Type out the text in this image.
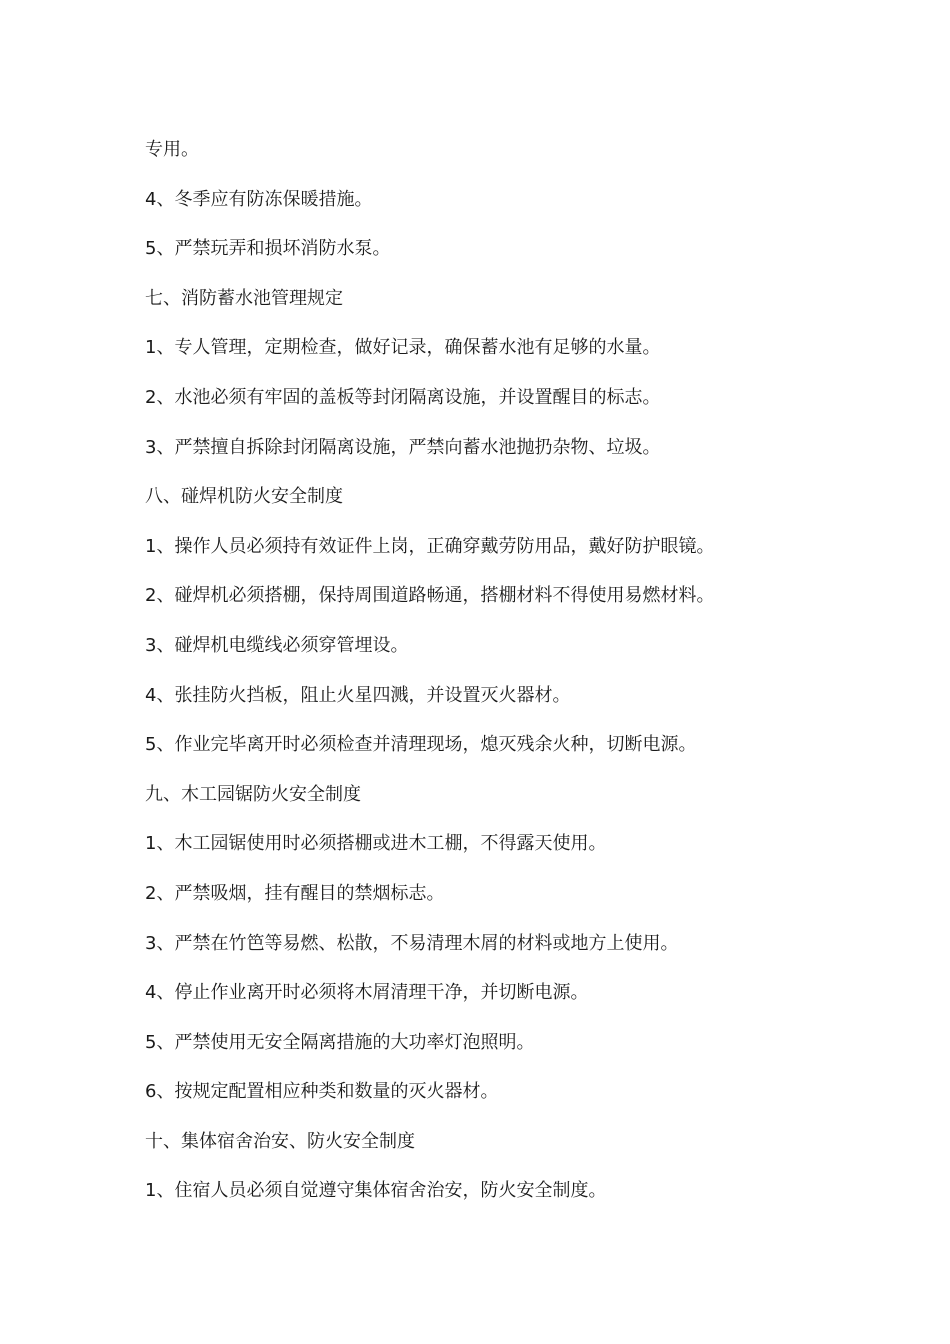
专用。

4、冬季应有防冻保暖措施。

5、严禁玩弄和损坏消防水泵。

七、消防蓄水池管理规定

1、专人管理，定期检查，做好记录，确保蓄水池有足够的水量。

2、水池必须有牢固的盖板等封闭隔离设施，并设置醒目的标志。

3、严禁擅自拆除封闭隔离设施，严禁向蓄水池抛扔杂物、垃圾。

八、碰焊机防火安全制度

1、操作人员必须持有效证件上岗，正确穿戴劳防用品，戴好防护眼镜。

2、碰焊机必须搭棚，保持周围道路畅通，搭棚材料不得使用易燃材料。

3、碰焊机电缆线必须穿管埋设。

4、张挂防火挡板，阻止火星四溅，并设置灭火器材。

5、作业完毕离开时必须检查并清理现场，熄灭残余火种，切断电源。

九、木工园锯防火安全制度

1、木工园锯使用时必须搭棚或进木工棚，不得露天使用。

2、严禁吸烟，挂有醒目的禁烟标志。

3、严禁在竹笆等易燃、松散，不易清理木屑的材料或地方上使用。

4、停止作业离开时必须将木屑清理干净，并切断电源。

5、严禁使用无安全隔离措施的大功率灯泡照明。

6、按规定配置相应种类和数量的灭火器材。

十、集体宿舍治安、防火安全制度

1、住宿人员必须自觉遵守集体宿舍治安，防火安全制度。
